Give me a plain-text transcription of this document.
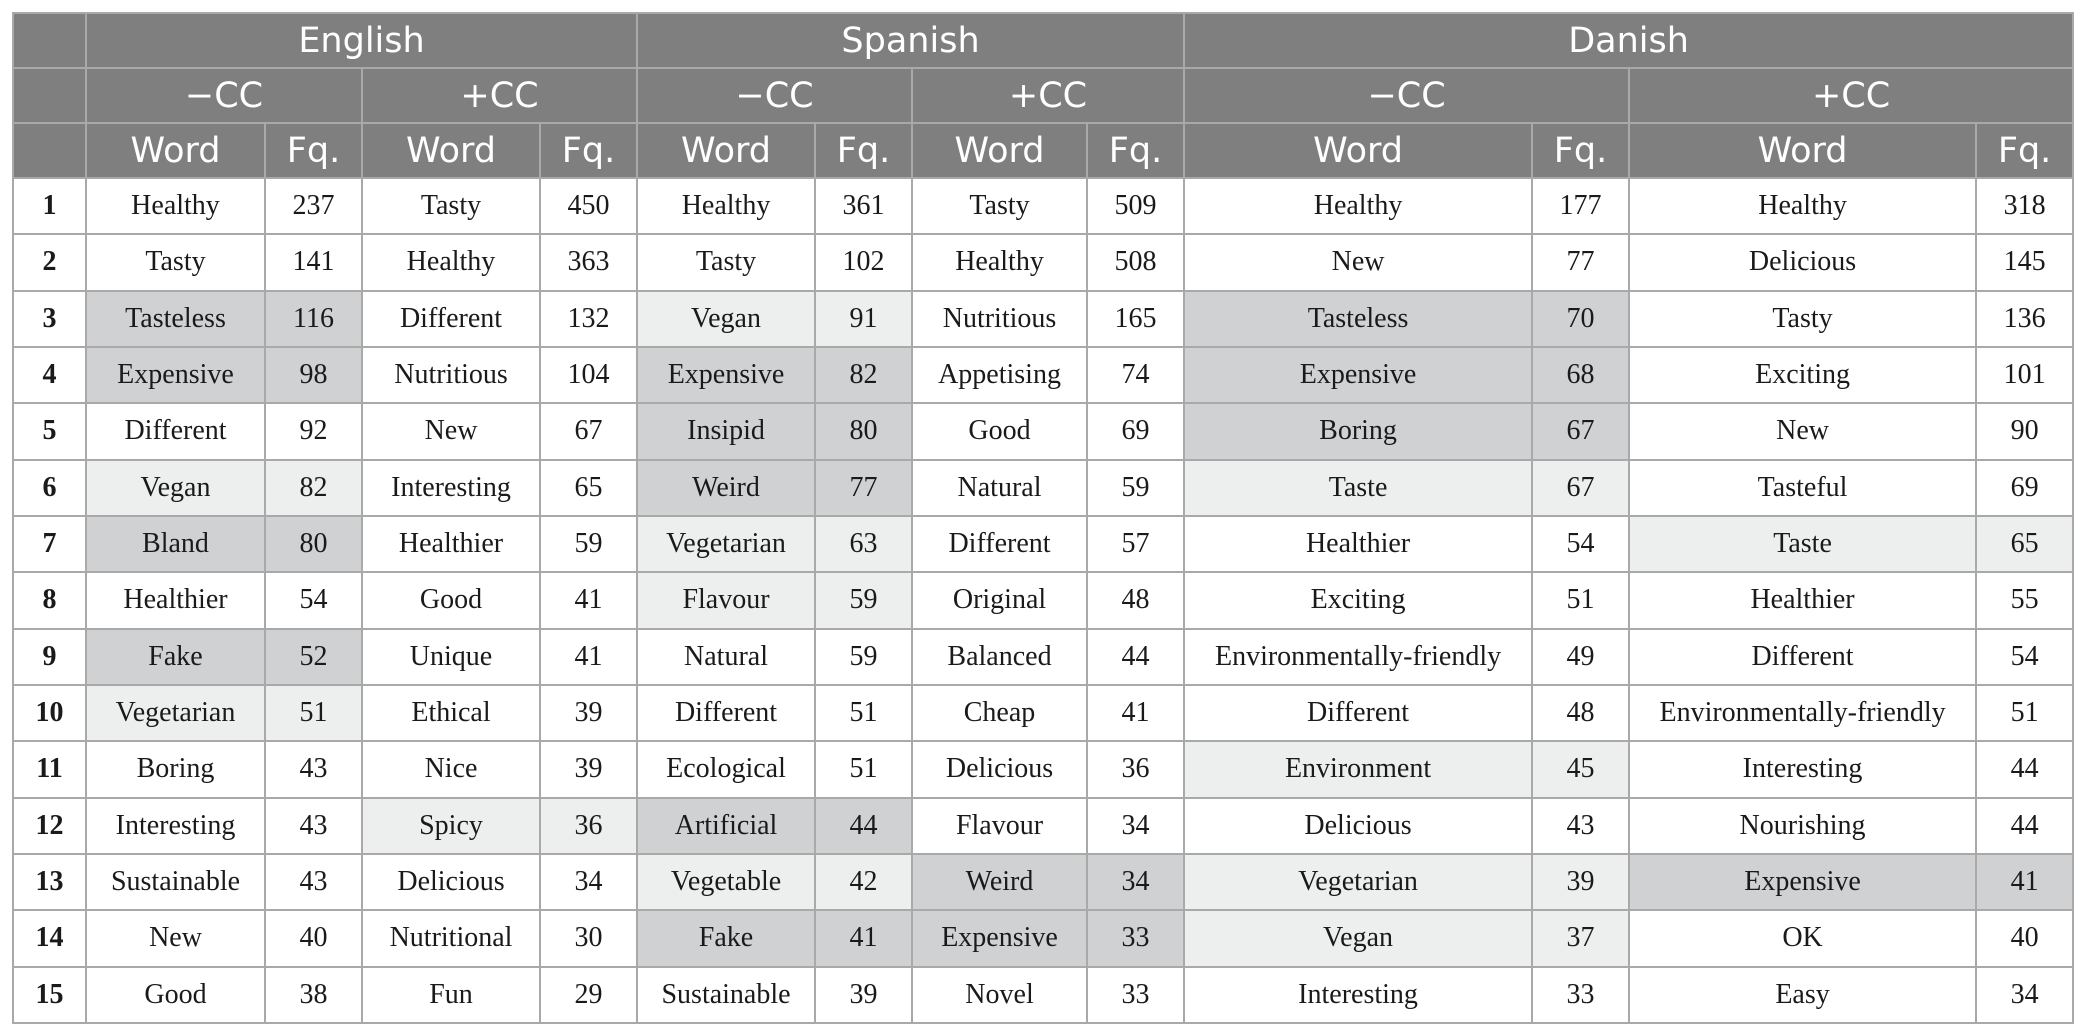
	English				Spanish				Danish			
	−CC		+CC		−CC		+CC		−CC		+CC	
	Word	Fq.	Word	Fq.	Word	Fq.	Word	Fq.	Word	Fq.	Word	Fq.
1	Healthy	237	Tasty	450	Healthy	361	Tasty	509	Healthy	177	Healthy	318
2	Tasty	141	Healthy	363	Tasty	102	Healthy	508	New	77	Delicious	145
3	Tasteless	116	Different	132	Vegan	91	Nutritious	165	Tasteless	70	Tasty	136
4	Expensive	98	Nutritious	104	Expensive	82	Appetising	74	Expensive	68	Exciting	101
5	Different	92	New	67	Insipid	80	Good	69	Boring	67	New	90
6	Vegan	82	Interesting	65	Weird	77	Natural	59	Taste	67	Tasteful	69
7	Bland	80	Healthier	59	Vegetarian	63	Different	57	Healthier	54	Taste	65
8	Healthier	54	Good	41	Flavour	59	Original	48	Exciting	51	Healthier	55
9	Fake	52	Unique	41	Natural	59	Balanced	44	Environmentally-friendly	49	Different	54
10	Vegetarian	51	Ethical	39	Different	51	Cheap	41	Different	48	Environmentally-friendly	51
11	Boring	43	Nice	39	Ecological	51	Delicious	36	Environment	45	Interesting	44
12	Interesting	43	Spicy	36	Artificial	44	Flavour	34	Delicious	43	Nourishing	44
13	Sustainable	43	Delicious	34	Vegetable	42	Weird	34	Vegetarian	39	Expensive	41
14	New	40	Nutritional	30	Fake	41	Expensive	33	Vegan	37	OK	40
15	Good	38	Fun	29	Sustainable	39	Novel	33	Interesting	33	Easy	34
